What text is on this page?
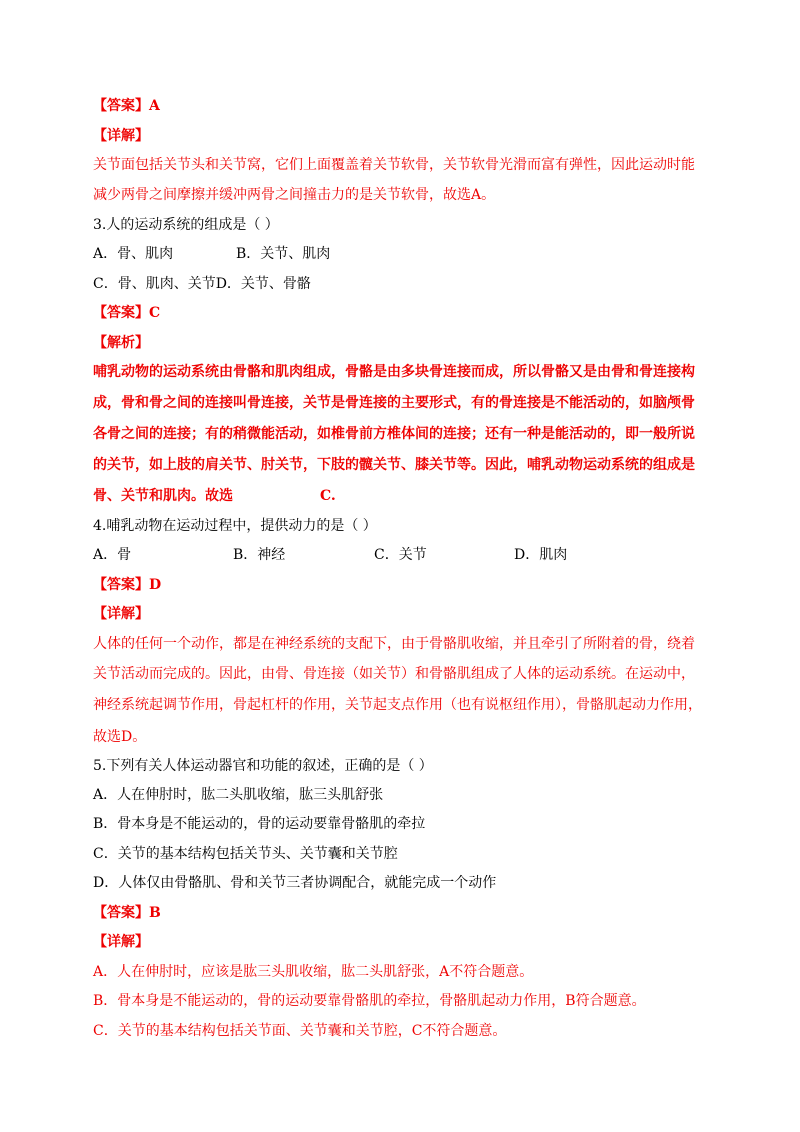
【答案】A

【详解】

关节面包括关节头和关节窝，它们上面覆盖着关节软骨，关节软骨光滑而富有弹性，因此运动时能

减少两骨之间摩擦并缓冲两骨之间撞击力的是关节软骨，故选A。

3.人的运动系统的组成是（ ）

A．骨、肌肉	B．关节、肌肉

C．骨、肌肉、关节D．关节、骨骼

【答案】C

【解析】

哺乳动物的运动系统由骨骼和肌肉组成，骨骼是由多块骨连接而成，所以骨骼又是由骨和骨连接构

成，骨和骨之间的连接叫骨连接，关节是骨连接的主要形式，有的骨连接是不能活动的，如脑颅骨

各骨之间的连接；有的稍微能活动，如椎骨前方椎体间的连接；还有一种是能活动的，即一般所说

的关节，如上肢的肩关节、肘关节，下肢的髋关节、膝关节等。因此，哺乳动物运动系统的组成是

骨、关节和肌肉。故选	C.

4.哺乳动物在运动过程中，提供动力的是（ ）

A．骨	B．神经	C．关节	D．肌肉

【答案】D

【详解】

人体的任何一个动作，都是在神经系统的支配下，由于骨骼肌收缩，并且牵引了所附着的骨，绕着

关节活动而完成的。因此，由骨、骨连接（如关节）和骨骼肌组成了人体的运动系统。在运动中，

神经系统起调节作用，骨起杠杆的作用，关节起支点作用（也有说枢纽作用），骨骼肌起动力作用，

故选D。

5.下列有关人体运动器官和功能的叙述，正确的是（ ）

A．人在伸肘时，肱二头肌收缩，肱三头肌舒张

B．骨本身是不能运动的，骨的运动要靠骨骼肌的牵拉

C．关节的基本结构包括关节头、关节囊和关节腔

D．人体仅由骨骼肌、骨和关节三者协调配合，就能完成一个动作

【答案】B

【详解】

A．人在伸肘时，应该是肱三头肌收缩，肱二头肌舒张，A不符合题意。

B．骨本身是不能运动的，骨的运动要靠骨骼肌的牵拉，骨骼肌起动力作用，B符合题意。

C．关节的基本结构包括关节面、关节囊和关节腔，C不符合题意。
